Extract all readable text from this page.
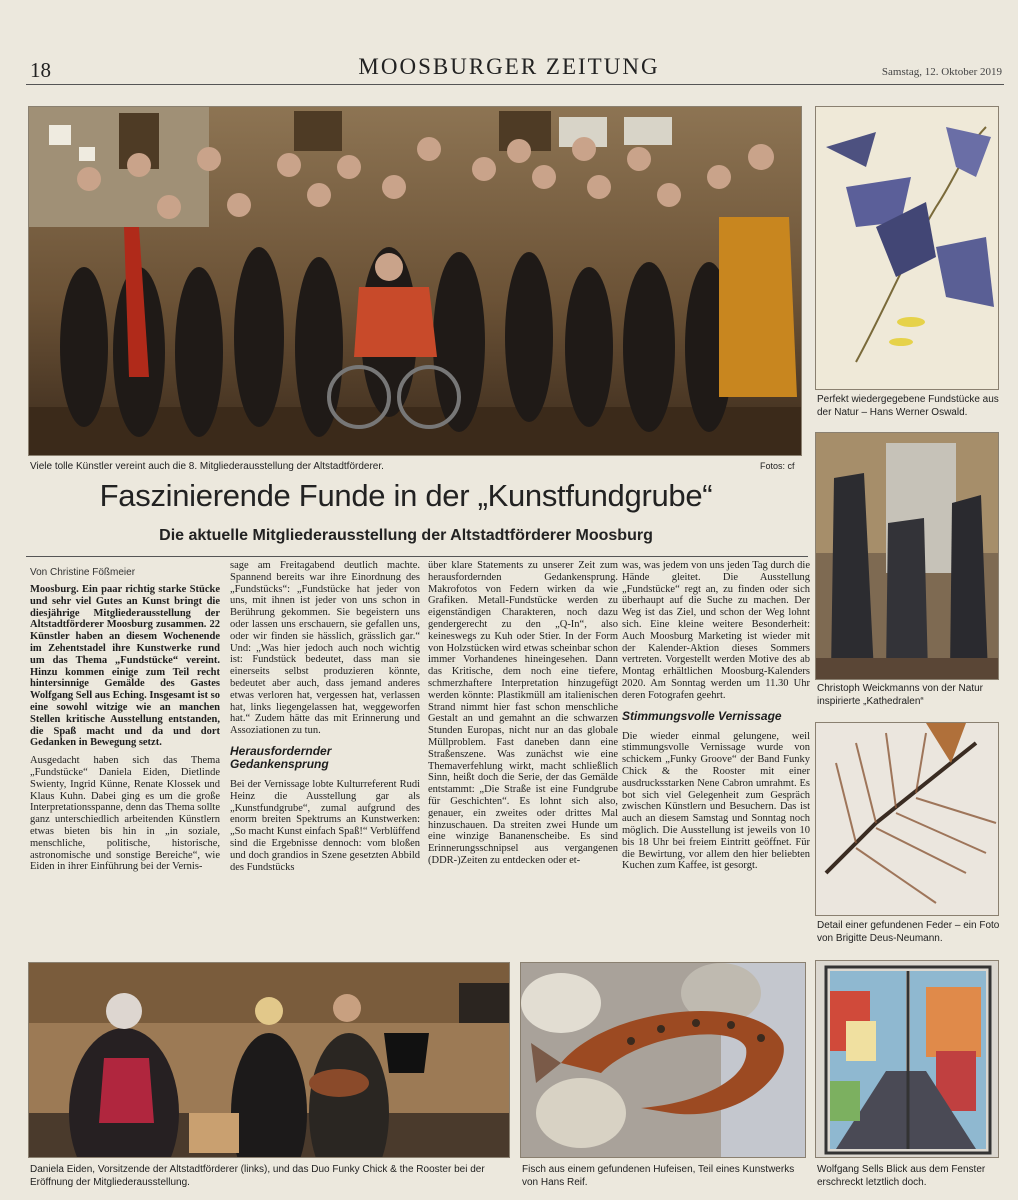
18	MOOSBURGER ZEITUNG	Samstag, 12. Oktober 2019
Viele tolle Künstler vereint auch die 8. Mitgliederausstellung der Altstadtförderer.	Fotos: cf
Perfekt wiedergegebene Fundstücke aus der Natur – Hans Werner Oswald.
Christoph Weickmanns von der Natur inspirierte „Kathedralen“
Detail einer gefundenen Feder – ein Foto von Brigitte Deus-Neumann.
Faszinierende Funde in der „Kunstfundgrube“
Die aktuelle Mitgliederausstellung der Altstadtförderer Moosburg
Von Christine Fößmeier

Moosburg. Ein paar richtig starke Stücke und sehr viel Gutes an Kunst bringt die diesjährige Mitgliederausstellung der Altstadtförderer Moosburg zusammen. 22 Künstler haben an diesem Wochenende im Zehentstadel ihre Kunstwerke rund um das Thema „Fundstücke“ vereint. Hinzu kommen einige zum Teil recht hintersinnige Gemälde des Gastes Wolfgang Sell aus Eching. Insgesamt ist so eine sowohl witzige wie an manchen Stellen kritische Ausstellung entstanden, die Spaß macht und da und dort Gedanken in Bewegung setzt.

Ausgedacht haben sich das Thema „Fundstücke“ Daniela Eiden, Dietlinde Swienty, Ingrid Künne, Renate Klossek und Klaus Kuhn. Dabei ging es um die große Interpretationsspanne, denn das Thema sollte ganz unterschiedlich arbeitenden Künstlern etwas bieten bis hin in „in soziale, menschliche, politische, historische, astronomische und sonstige Bereiche“, wie Eiden in ihrer Einführung bei der Vernis-

sage am Freitagabend deutlich machte. Spannend bereits war ihre Einordnung des „Fundstücks“: „Fundstücke hat jeder von uns, mit ihnen ist jeder von uns schon in Berührung gekommen. Sie begeistern uns oder lassen uns erschauern, sie gefallen uns, oder wir finden sie hässlich, grässlich gar.“ Und: „Was hier jedoch auch noch wichtig ist: Fundstück bedeutet, dass man sie einerseits selbst produzieren könnte, bedeutet aber auch, dass jemand anderes etwas verloren hat, vergessen hat, verlassen hat, links liegengelassen hat, weggeworfen hat.“ Zudem hätte das mit Erinnerung und Assoziationen zu tun.

Herausfordernder Gedankensprung

Bei der Vernissage lobte Kulturreferent Rudi Heinz die Ausstellung gar als „Kunstfundgrube“, zumal aufgrund des enorm breiten Spektrums an Kunstwerken: „So macht Kunst einfach Spaß!“ Verblüffend sind die Ergebnisse dennoch: vom bloßen und doch grandios in Szene gesetzten Abbild des Fundstücks

über klare Statements zu unserer Zeit zum herausfordernden Gedankensprung. Makrofotos von Federn wirken da wie Grafiken. Metall-Fundstücke werden zu eigenständigen Charakteren, noch dazu gendergerecht zu den „Q-In“, also keineswegs zu Kuh oder Stier. In der Form von Holzstücken wird etwas scheinbar schon immer Vorhandenes hineingesehen. Dann das Kritische, dem noch eine tiefere, schmerzhaftere Interpretation hinzugefügt werden könnte: Plastikmüll am italienischen Strand nimmt hier fast schon menschliche Gestalt an und gemahnt an die schwarzen Stunden Europas, nicht nur an das globale Müllproblem. Fast daneben dann eine Straßenszene. Was zunächst wie eine Themaverfehlung wirkt, macht schließlich Sinn, heißt doch die Serie, der das Gemälde entstammt: „Die Straße ist eine Fundgrube für Geschichten“. Es lohnt sich also, genauer, ein zweites oder drittes Mal hinzuschauen. Da streiten zwei Hunde um eine winzige Bananenscheibe. Es sind Erinnerungsschnipsel aus vergangenen (DDR-)Zeiten zu entdecken oder et-

was, was jedem von uns jeden Tag durch die Hände gleitet. Die Ausstellung „Fundstücke“ regt an, zu finden oder sich überhaupt auf die Suche zu machen. Der Weg ist das Ziel, und schon der Weg lohnt sich. Eine kleine weitere Besonderheit: Auch Moosburg Marketing ist wieder mit der Kalender-Aktion dieses Sommers vertreten. Vorgestellt werden Motive des ab Montag erhältlichen Moosburg-Kalenders 2020. Am Sonntag werden um 11.30 Uhr deren Fotografen geehrt.

Stimmungsvolle Vernissage

Die wieder einmal gelungene, weil stimmungsvolle Vernissage wurde von schickem „Funky Groove“ der Band Funky Chick & the Rooster mit einer ausdrucksstarken Nene Cabron umrahmt. Es bot sich viel Gelegenheit zum Gespräch zwischen Künstlern und Besuchern. Das ist auch an diesem Samstag und Sonntag noch möglich. Die Ausstellung ist jeweils von 10 bis 18 Uhr bei freiem Eintritt geöffnet. Für die Bewirtung, vor allem den hier beliebten Kuchen zum Kaffee, ist gesorgt.

Daniela Eiden, Vorsitzende der Altstadtförderer (links), und das Duo Funky Chick & the Rooster bei der Eröffnung der Mitgliederausstellung.
Fisch aus einem gefundenen Hufeisen, Teil eines Kunstwerks von Hans Reif.
Wolfgang Sells Blick aus dem Fenster erschreckt letztlich doch.
